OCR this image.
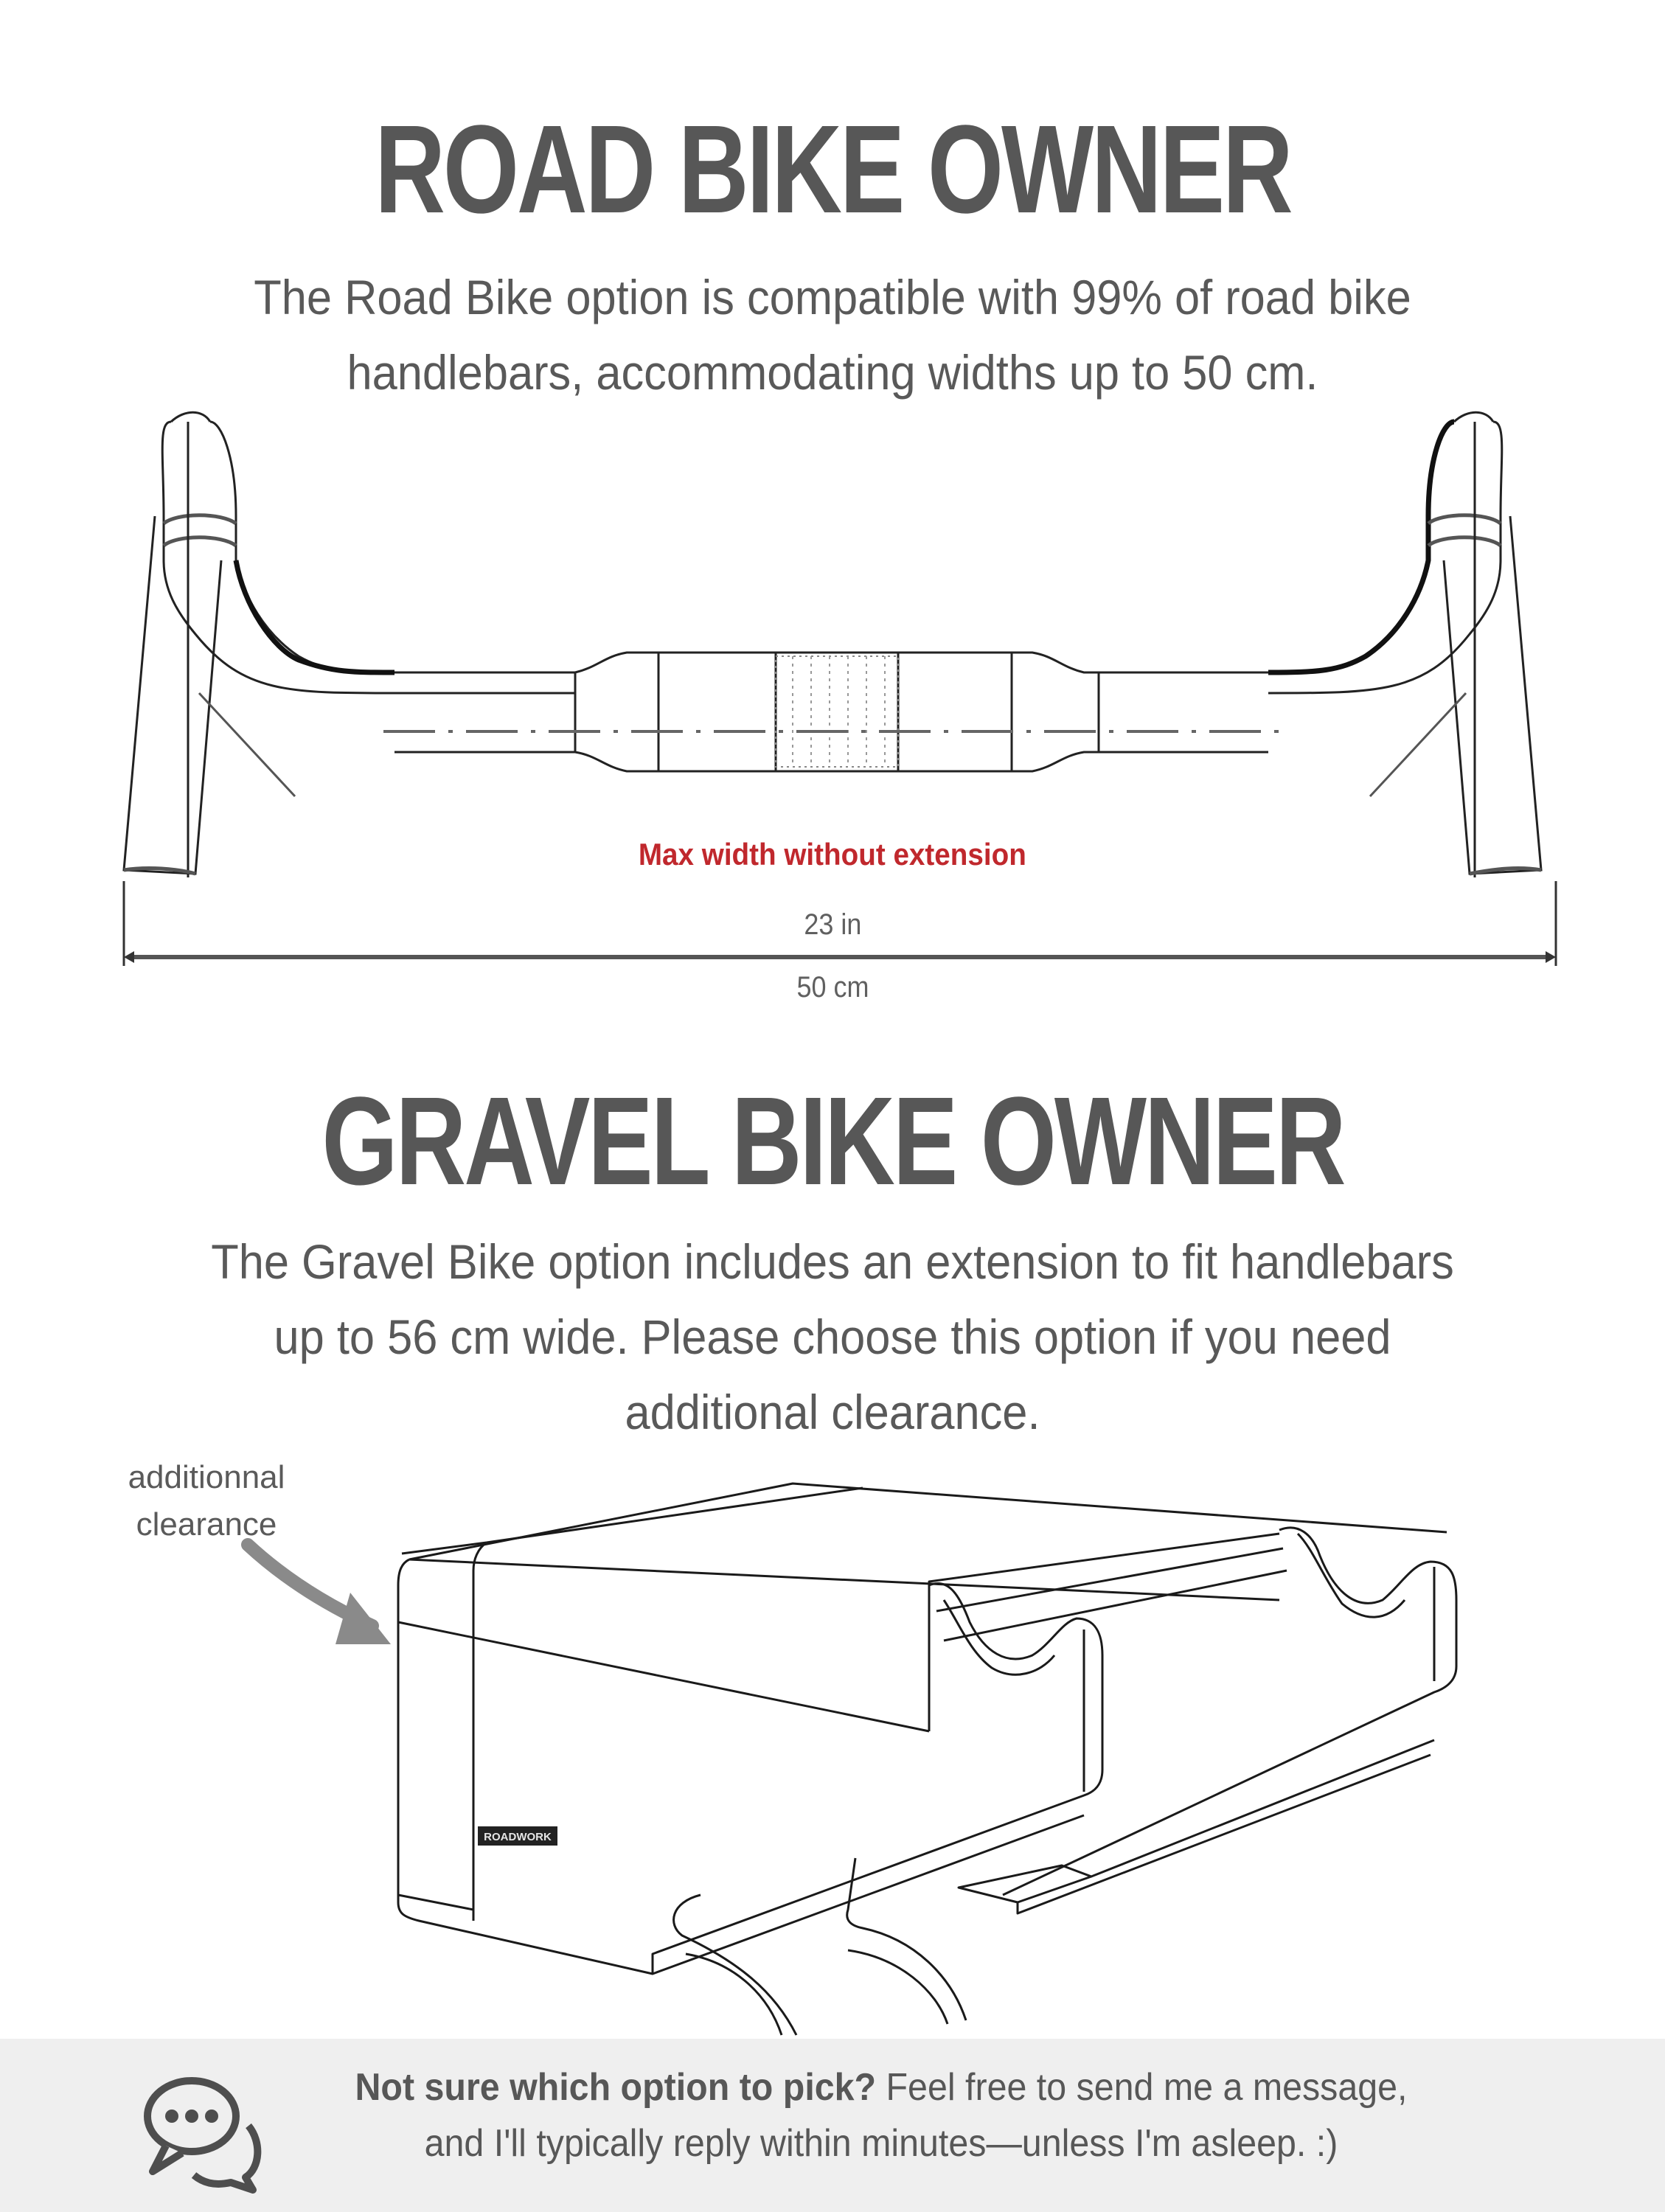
ROAD BIKE OWNER
The Road Bike option is compatible with 99% of road bike
handlebars, accommodating widths up to 50 cm.
Max width without extension
23 in
50 cm
GRAVEL BIKE OWNER
The Gravel Bike option includes an extension to fit handlebars
up to 56 cm wide. Please choose this option if you need
additional clearance.
additionnal
clearance
ROADWORK
Not sure which option to pick? Feel free to send me a message,
and I'll typically reply within minutes—unless I'm asleep. :)
